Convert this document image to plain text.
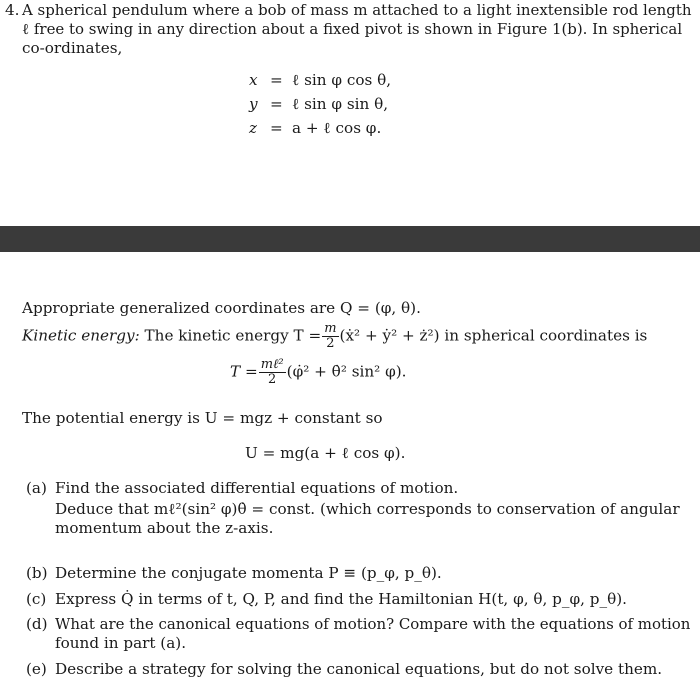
4. A spherical pendulum where a bob of mass m attached to a light inextensible rod length
ℓ free to swing in any direction about a fixed pivot is shown in Figure 1(b). In spherical
co-ordinates,
x = ℓ sin φ cos θ,
y = ℓ sin φ sin θ,
z = a + ℓ cos φ.
Appropriate generalized coordinates are Q = (φ, θ).
Kinetic energy: The kinetic energy $T = \frac{m}{2}$ (ẋ² + ẏ² + ż²) in spherical coordinates is
$T = \frac{\text{mℓ²}}{2}$ (φ̇² + θ̇² sin² φ).
The potential energy is U = mgz + constant so
U = mg(a + ℓ cos φ).
(a) Find the associated differential equations of motion.
Deduce that mℓ²(sin² φ)θ̇ = const. (which corresponds to conservation of angular
momentum about the z-axis.
(b) Determine the conjugate momenta P ≡ (p_φ, p_θ).
(c) Express Q̇ in terms of t, Q, P, and find the Hamiltonian H(t, φ, θ, p_φ, p_θ).
(d) What are the canonical equations of motion? Compare with the equations of motion
found in part (a).
(e) Describe a strategy for solving the canonical equations, but do not solve them.
